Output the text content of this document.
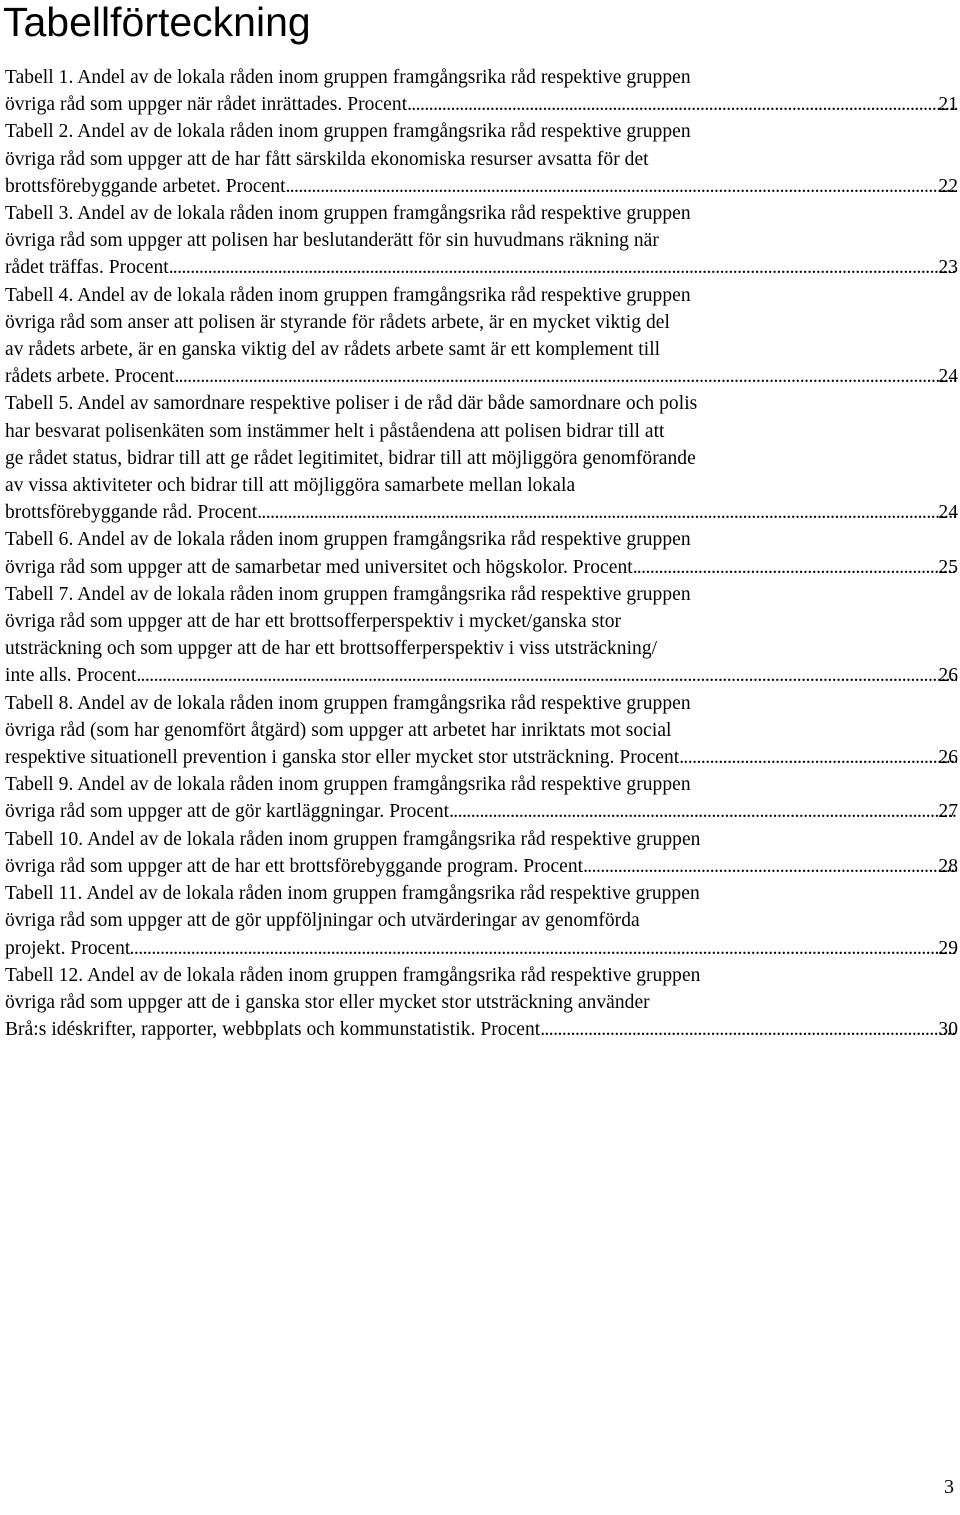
Tabellförteckning
Tabell 1. Andel av de lokala råden inom gruppen framgångsrika råd respektive gruppen
övriga råd som uppger när rådet inrättades. Procent. .....	21
Tabell 2. Andel av de lokala råden inom gruppen framgångsrika råd respektive gruppen
övriga råd som uppger att de har fått särskilda ekonomiska resurser avsatta för det
brottsförebyggande arbetet. Procent. .....	22
Tabell 3. Andel av de lokala råden inom gruppen framgångsrika råd respektive gruppen
övriga råd som uppger att polisen har beslutanderätt för sin huvudmans räkning när
rådet träffas. Procent. .....	23
Tabell 4. Andel av de lokala råden inom gruppen framgångsrika råd respektive gruppen
övriga råd som anser att polisen är styrande för rådets arbete, är en mycket viktig del
av rådets arbete, är en ganska viktig del av rådets arbete samt är ett komplement till
rådets arbete. Procent. .....	24
Tabell 5. Andel av samordnare respektive poliser i de råd där både samordnare och polis
har besvarat polisenkäten som instämmer helt i påståendena att polisen bidrar till att
ge rådet status, bidrar till att ge rådet legitimitet, bidrar till att möjliggöra genomförande
av vissa aktiviteter och bidrar till att möjliggöra samarbete mellan lokala
brottsförebyggande råd. Procent. .....	24
Tabell 6. Andel av de lokala råden inom gruppen framgångsrika råd respektive gruppen
övriga råd som uppger att de samarbetar med universitet och högskolor. Procent. .....	25
Tabell 7. Andel av de lokala råden inom gruppen framgångsrika råd respektive gruppen
övriga råd som uppger att de har ett brottsofferperspektiv i mycket/ganska stor
utsträckning och som uppger att de har ett brottsofferperspektiv i viss utsträckning/
inte alls. Procent. .....	26
Tabell 8. Andel av de lokala råden inom gruppen framgångsrika råd respektive gruppen
övriga råd (som har genomfört åtgärd) som uppger att arbetet har inriktats mot social
respektive situationell prevention i ganska stor eller mycket stor utsträckning. Procent. .....	26
Tabell 9. Andel av de lokala råden inom gruppen framgångsrika råd respektive gruppen
övriga råd som uppger att de gör kartläggningar. Procent. .....	27
Tabell 10. Andel av de lokala råden inom gruppen framgångsrika råd respektive gruppen
övriga råd som uppger att de har ett brottsförebyggande program. Procent. .....	28
Tabell 11. Andel av de lokala råden inom gruppen framgångsrika råd respektive gruppen
övriga råd som uppger att de gör uppföljningar och utvärderingar av genomförda
projekt. Procent .....	29
Tabell 12. Andel av de lokala råden inom gruppen framgångsrika råd respektive gruppen
övriga råd som uppger att de i ganska stor eller mycket stor utsträckning använder
Brå:s idéskrifter, rapporter, webbplats och kommunstatistik. Procent. .....	30
3
